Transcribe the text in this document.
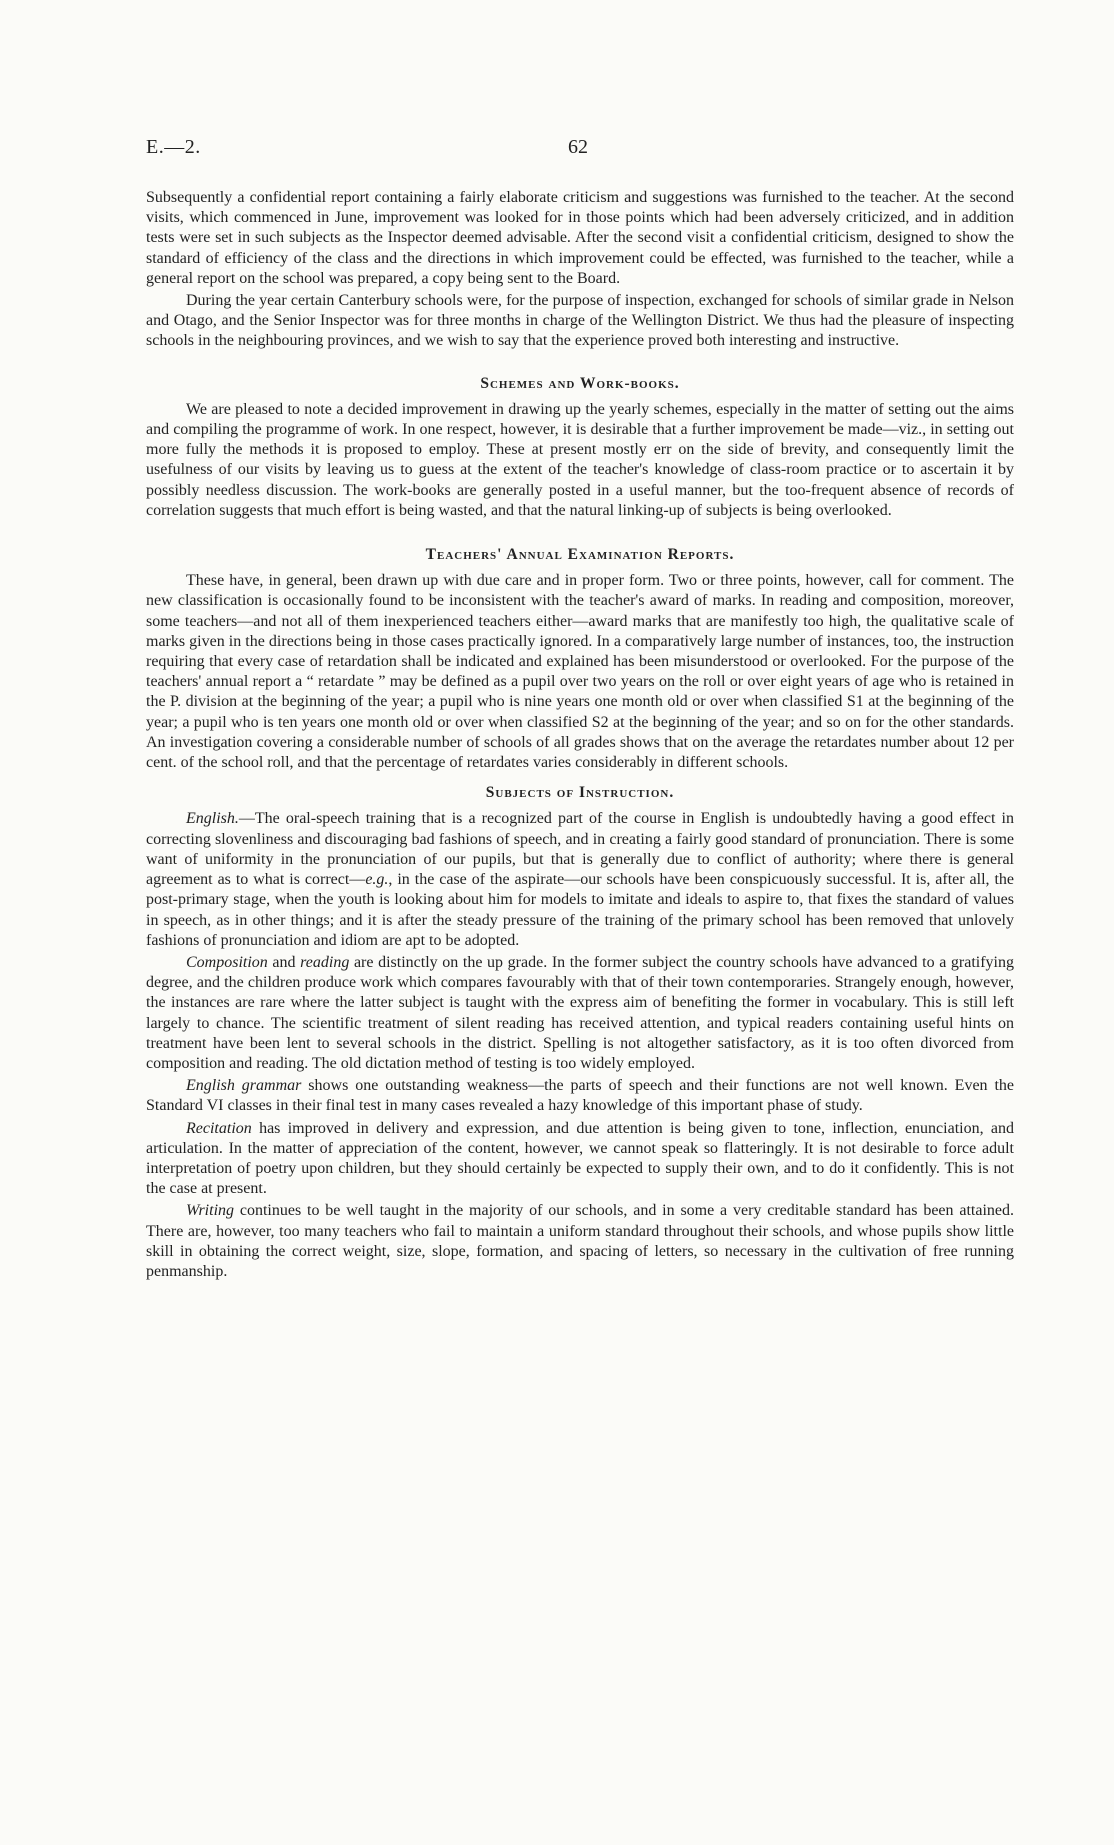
E.—2.	62

Subsequently a confidential report containing a fairly elaborate criticism and suggestions was furnished to the teacher. At the second visits, which commenced in June, improvement was looked for in those points which had been adversely criticized, and in addition tests were set in such subjects as the Inspector deemed advisable. After the second visit a confidential criticism, designed to show the standard of efficiency of the class and the directions in which improvement could be effected, was furnished to the teacher, while a general report on the school was prepared, a copy being sent to the Board.

During the year certain Canterbury schools were, for the purpose of inspection, exchanged for schools of similar grade in Nelson and Otago, and the Senior Inspector was for three months in charge of the Wellington District. We thus had the pleasure of inspecting schools in the neighbouring provinces, and we wish to say that the experience proved both interesting and instructive.

Schemes and Work-books.

We are pleased to note a decided improvement in drawing up the yearly schemes, especially in the matter of setting out the aims and compiling the programme of work. In one respect, however, it is desirable that a further improvement be made—viz., in setting out more fully the methods it is proposed to employ. These at present mostly err on the side of brevity, and consequently limit the usefulness of our visits by leaving us to guess at the extent of the teacher's knowledge of class-room practice or to ascertain it by possibly needless discussion. The work-books are generally posted in a useful manner, but the too-frequent absence of records of correlation suggests that much effort is being wasted, and that the natural linking-up of subjects is being overlooked.

Teachers' Annual Examination Reports.

These have, in general, been drawn up with due care and in proper form. Two or three points, however, call for comment. The new classification is occasionally found to be inconsistent with the teacher's award of marks. In reading and composition, moreover, some teachers—and not all of them inexperienced teachers either—award marks that are manifestly too high, the qualitative scale of marks given in the directions being in those cases practically ignored. In a comparatively large number of instances, too, the instruction requiring that every case of retardation shall be indicated and explained has been misunderstood or overlooked. For the purpose of the teachers' annual report a “ retardate ” may be defined as a pupil over two years on the roll or over eight years of age who is retained in the P. division at the beginning of the year; a pupil who is nine years one month old or over when classified S1 at the beginning of the year; a pupil who is ten years one month old or over when classified S2 at the beginning of the year; and so on for the other standards. An investigation covering a considerable number of schools of all grades shows that on the average the retardates number about 12 per cent. of the school roll, and that the percentage of retardates varies considerably in different schools.

Subjects of Instruction.

English.—The oral-speech training that is a recognized part of the course in English is undoubtedly having a good effect in correcting slovenliness and discouraging bad fashions of speech, and in creating a fairly good standard of pronunciation. There is some want of uniformity in the pronunciation of our pupils, but that is generally due to conflict of authority; where there is general agreement as to what is correct—e.g., in the case of the aspirate—our schools have been conspicuously successful. It is, after all, the post-primary stage, when the youth is looking about him for models to imitate and ideals to aspire to, that fixes the standard of values in speech, as in other things; and it is after the steady pressure of the training of the primary school has been removed that unlovely fashions of pronunciation and idiom are apt to be adopted.

Composition and reading are distinctly on the up grade. In the former subject the country schools have advanced to a gratifying degree, and the children produce work which compares favourably with that of their town contemporaries. Strangely enough, however, the instances are rare where the latter subject is taught with the express aim of benefiting the former in vocabulary. This is still left largely to chance. The scientific treatment of silent reading has received attention, and typical readers containing useful hints on treatment have been lent to several schools in the district. Spelling is not altogether satisfactory, as it is too often divorced from composition and reading. The old dictation method of testing is too widely employed.

English grammar shows one outstanding weakness—the parts of speech and their functions are not well known. Even the Standard VI classes in their final test in many cases revealed a hazy knowledge of this important phase of study.

Recitation has improved in delivery and expression, and due attention is being given to tone, inflection, enunciation, and articulation. In the matter of appreciation of the content, however, we cannot speak so flatteringly. It is not desirable to force adult interpretation of poetry upon children, but they should certainly be expected to supply their own, and to do it confidently. This is not the case at present.

Writing continues to be well taught in the majority of our schools, and in some a very creditable standard has been attained. There are, however, too many teachers who fail to maintain a uniform standard throughout their schools, and whose pupils show little skill in obtaining the correct weight, size, slope, formation, and spacing of letters, so necessary in the cultivation of free running penmanship.
